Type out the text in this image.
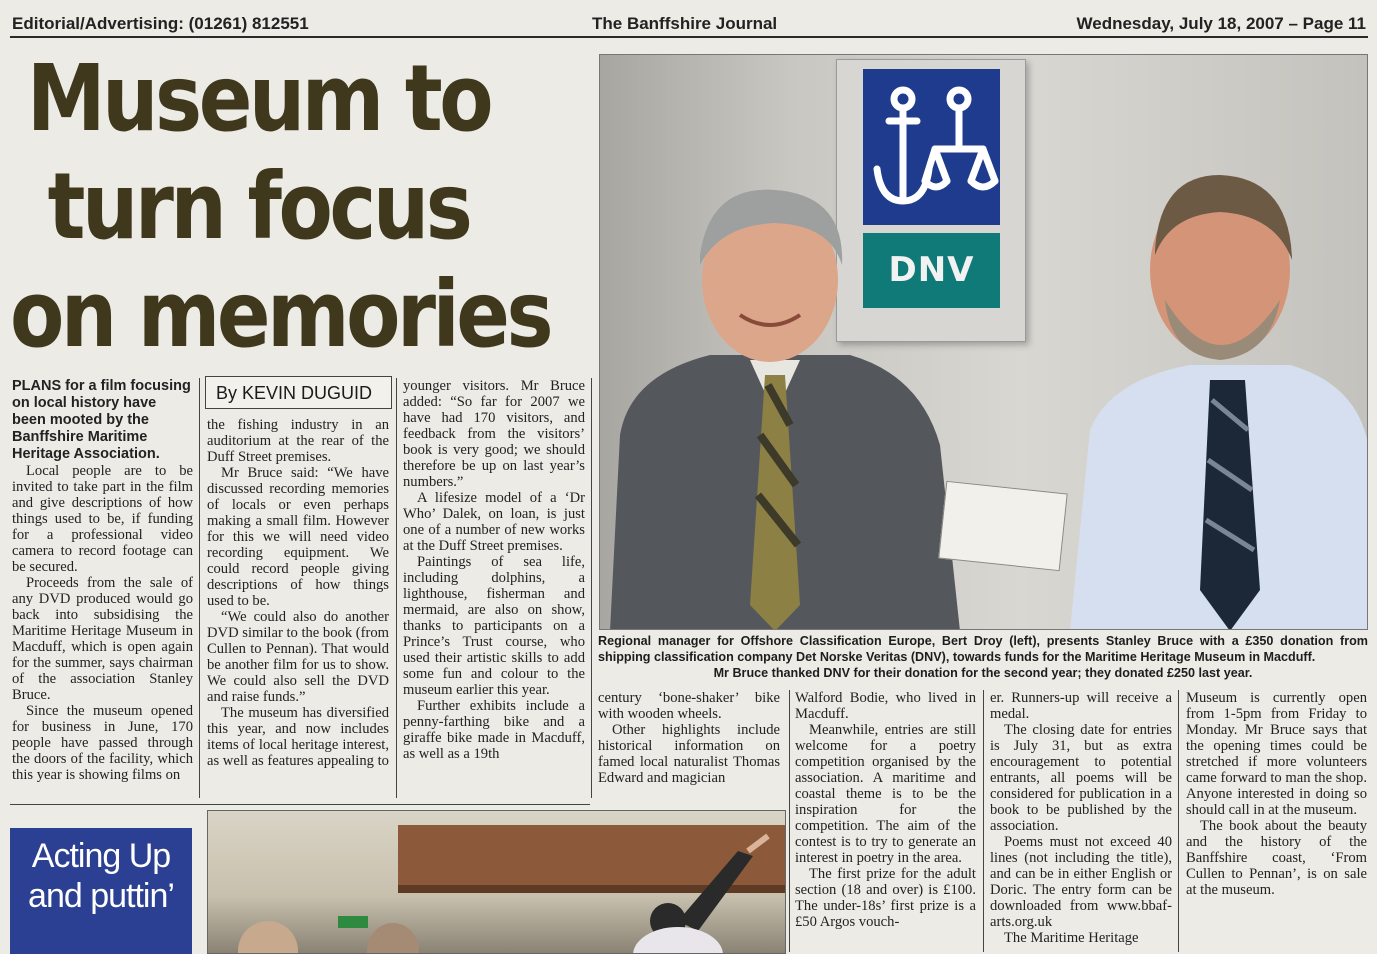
Editorial/Advertising: (01261) 812551	The Banffshire Journal	Wednesday, July 18, 2007 – Page 11
Museum to
turn focus
on memories
By KEVIN DUGUID

PLANS for a film focusing on local history have been mooted by the Banffshire Maritime Heritage Association.

Local people are to be invited to take part in the film and give descriptions of how things used to be, if funding for a professional video camera to record footage can be secured.

Proceeds from the sale of any DVD produced would go back into subsidising the Maritime Heritage Museum in Macduff, which is open again for the summer, says chairman of the association Stanley Bruce.

Since the museum opened for business in June, 170 people have passed through the doors of the facility, which this year is showing films on

the fishing industry in an auditorium at the rear of the Duff Street premises.

Mr Bruce said: “We have discussed recording memories of locals or even perhaps making a small film. However for this we will need video recording equipment. We could record people giving descriptions of how things used to be.

“We could also do another DVD similar to the book (from Cullen to Pennan). That would be another film for us to show. We could also sell the DVD and raise funds.”

The museum has diversified this year, and now includes items of local heritage interest, as well as features appealing to

younger visitors. Mr Bruce added: “So far for 2007 we have had 170 visitors, and feedback from the visitors’ book is very good; we should therefore be up on last year’s numbers.”

A lifesize model of a ‘Dr Who’ Dalek, on loan, is just one of a number of new works at the Duff Street premises.

Paintings of sea life, including dolphins, a lighthouse, fisherman and mermaid, are also on show, thanks to participants on a Prince’s Trust course, who used their artistic skills to add some fun and colour to the museum earlier this year.

Further exhibits include a penny-farthing bike and a giraffe bike made in Macduff, as well as a 19th

DNV
Regional manager for Offshore Classification Europe, Bert Droy (left), presents Stanley Bruce with a £350 donation from shipping classification company Det Norske Veritas (DNV), towards funds for the Maritime Heritage Museum in Macduff.
Mr Bruce thanked DNV for their donation for the second year; they donated £250 last year.

century ‘bone-shaker’ bike with wooden wheels.

Other highlights include historical information on famed local naturalist Thomas Edward and magician

Walford Bodie, who lived in Macduff.

Meanwhile, entries are still welcome for a poetry competition organised by the association. A maritime and coastal theme is to be the inspiration for the competition. The aim of the contest is to try to generate an interest in poetry in the area.

The first prize for the adult section (18 and over) is £100. The under-18s’ first prize is a £50 Argos vouch-

er. Runners-up will receive a medal.

The closing date for entries is July 31, but as extra encouragement to potential entrants, all poems will be considered for publication in a book to be published by the association.

Poems must not exceed 40 lines (not including the title), and can be in either English or Doric. The entry form can be downloaded from www.bbaf-arts.org.uk

The Maritime Heritage

Museum is currently open from 1-5pm from Friday to Monday. Mr Bruce says that the opening times could be stretched if more volunteers came forward to man the shop. Anyone interested in doing so should call in at the museum.

The book about the beauty and the history of the Banffshire coast, ‘From Cullen to Pennan’, is on sale at the museum.

Acting Up and puttin’
